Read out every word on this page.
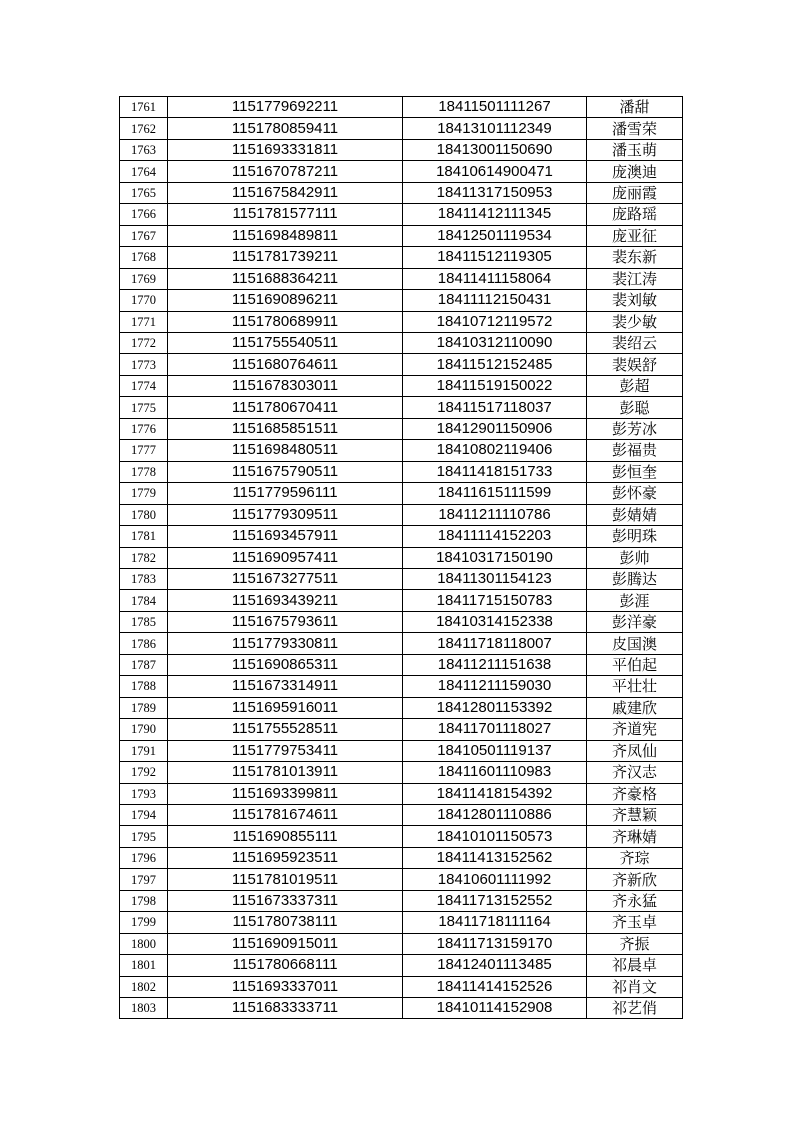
1761	1151779692211	18411501111267	潘甜
1762	1151780859411	18413101112349	潘雪荣
1763	1151693331811	18413001150690	潘玉萌
1764	1151670787211	18410614900471	庞澳迪
1765	1151675842911	18411317150953	庞丽霞
1766	1151781577111	18411412111345	庞路瑶
1767	1151698489811	18412501119534	庞亚征
1768	1151781739211	18411512119305	裴东新
1769	1151688364211	18411411158064	裴江涛
1770	1151690896211	18411112150431	裴刘敏
1771	1151780689911	18410712119572	裴少敏
1772	1151755540511	18410312110090	裴绍云
1773	1151680764611	18411512152485	裴娱舒
1774	1151678303011	18411519150022	彭超
1775	1151780670411	18411517118037	彭聪
1776	1151685851511	18412901150906	彭芳冰
1777	1151698480511	18410802119406	彭福贵
1778	1151675790511	18411418151733	彭恒奎
1779	1151779596111	18411615111599	彭怀豪
1780	1151779309511	18411211110786	彭婧婧
1781	1151693457911	18411114152203	彭明珠
1782	1151690957411	18410317150190	彭帅
1783	1151673277511	18411301154123	彭腾达
1784	1151693439211	18411715150783	彭涯
1785	1151675793611	18410314152338	彭洋豪
1786	1151779330811	18411718118007	皮国澳
1787	1151690865311	18411211151638	平伯起
1788	1151673314911	18411211159030	平壮壮
1789	1151695916011	18412801153392	戚建欣
1790	1151755528511	18411701118027	齐道宪
1791	1151779753411	18410501119137	齐凤仙
1792	1151781013911	18411601110983	齐汉志
1793	1151693399811	18411418154392	齐豪格
1794	1151781674611	18412801110886	齐慧颖
1795	1151690855111	18410101150573	齐琳婧
1796	1151695923511	18411413152562	齐琮
1797	1151781019511	18410601111992	齐新欣
1798	1151673337311	18411713152552	齐永猛
1799	1151780738111	18411718111164	齐玉卓
1800	1151690915011	18411713159170	齐振
1801	1151780668111	18412401113485	祁晨卓
1802	1151693337011	18411414152526	祁肖文
1803	1151683333711	18410114152908	祁艺俏
